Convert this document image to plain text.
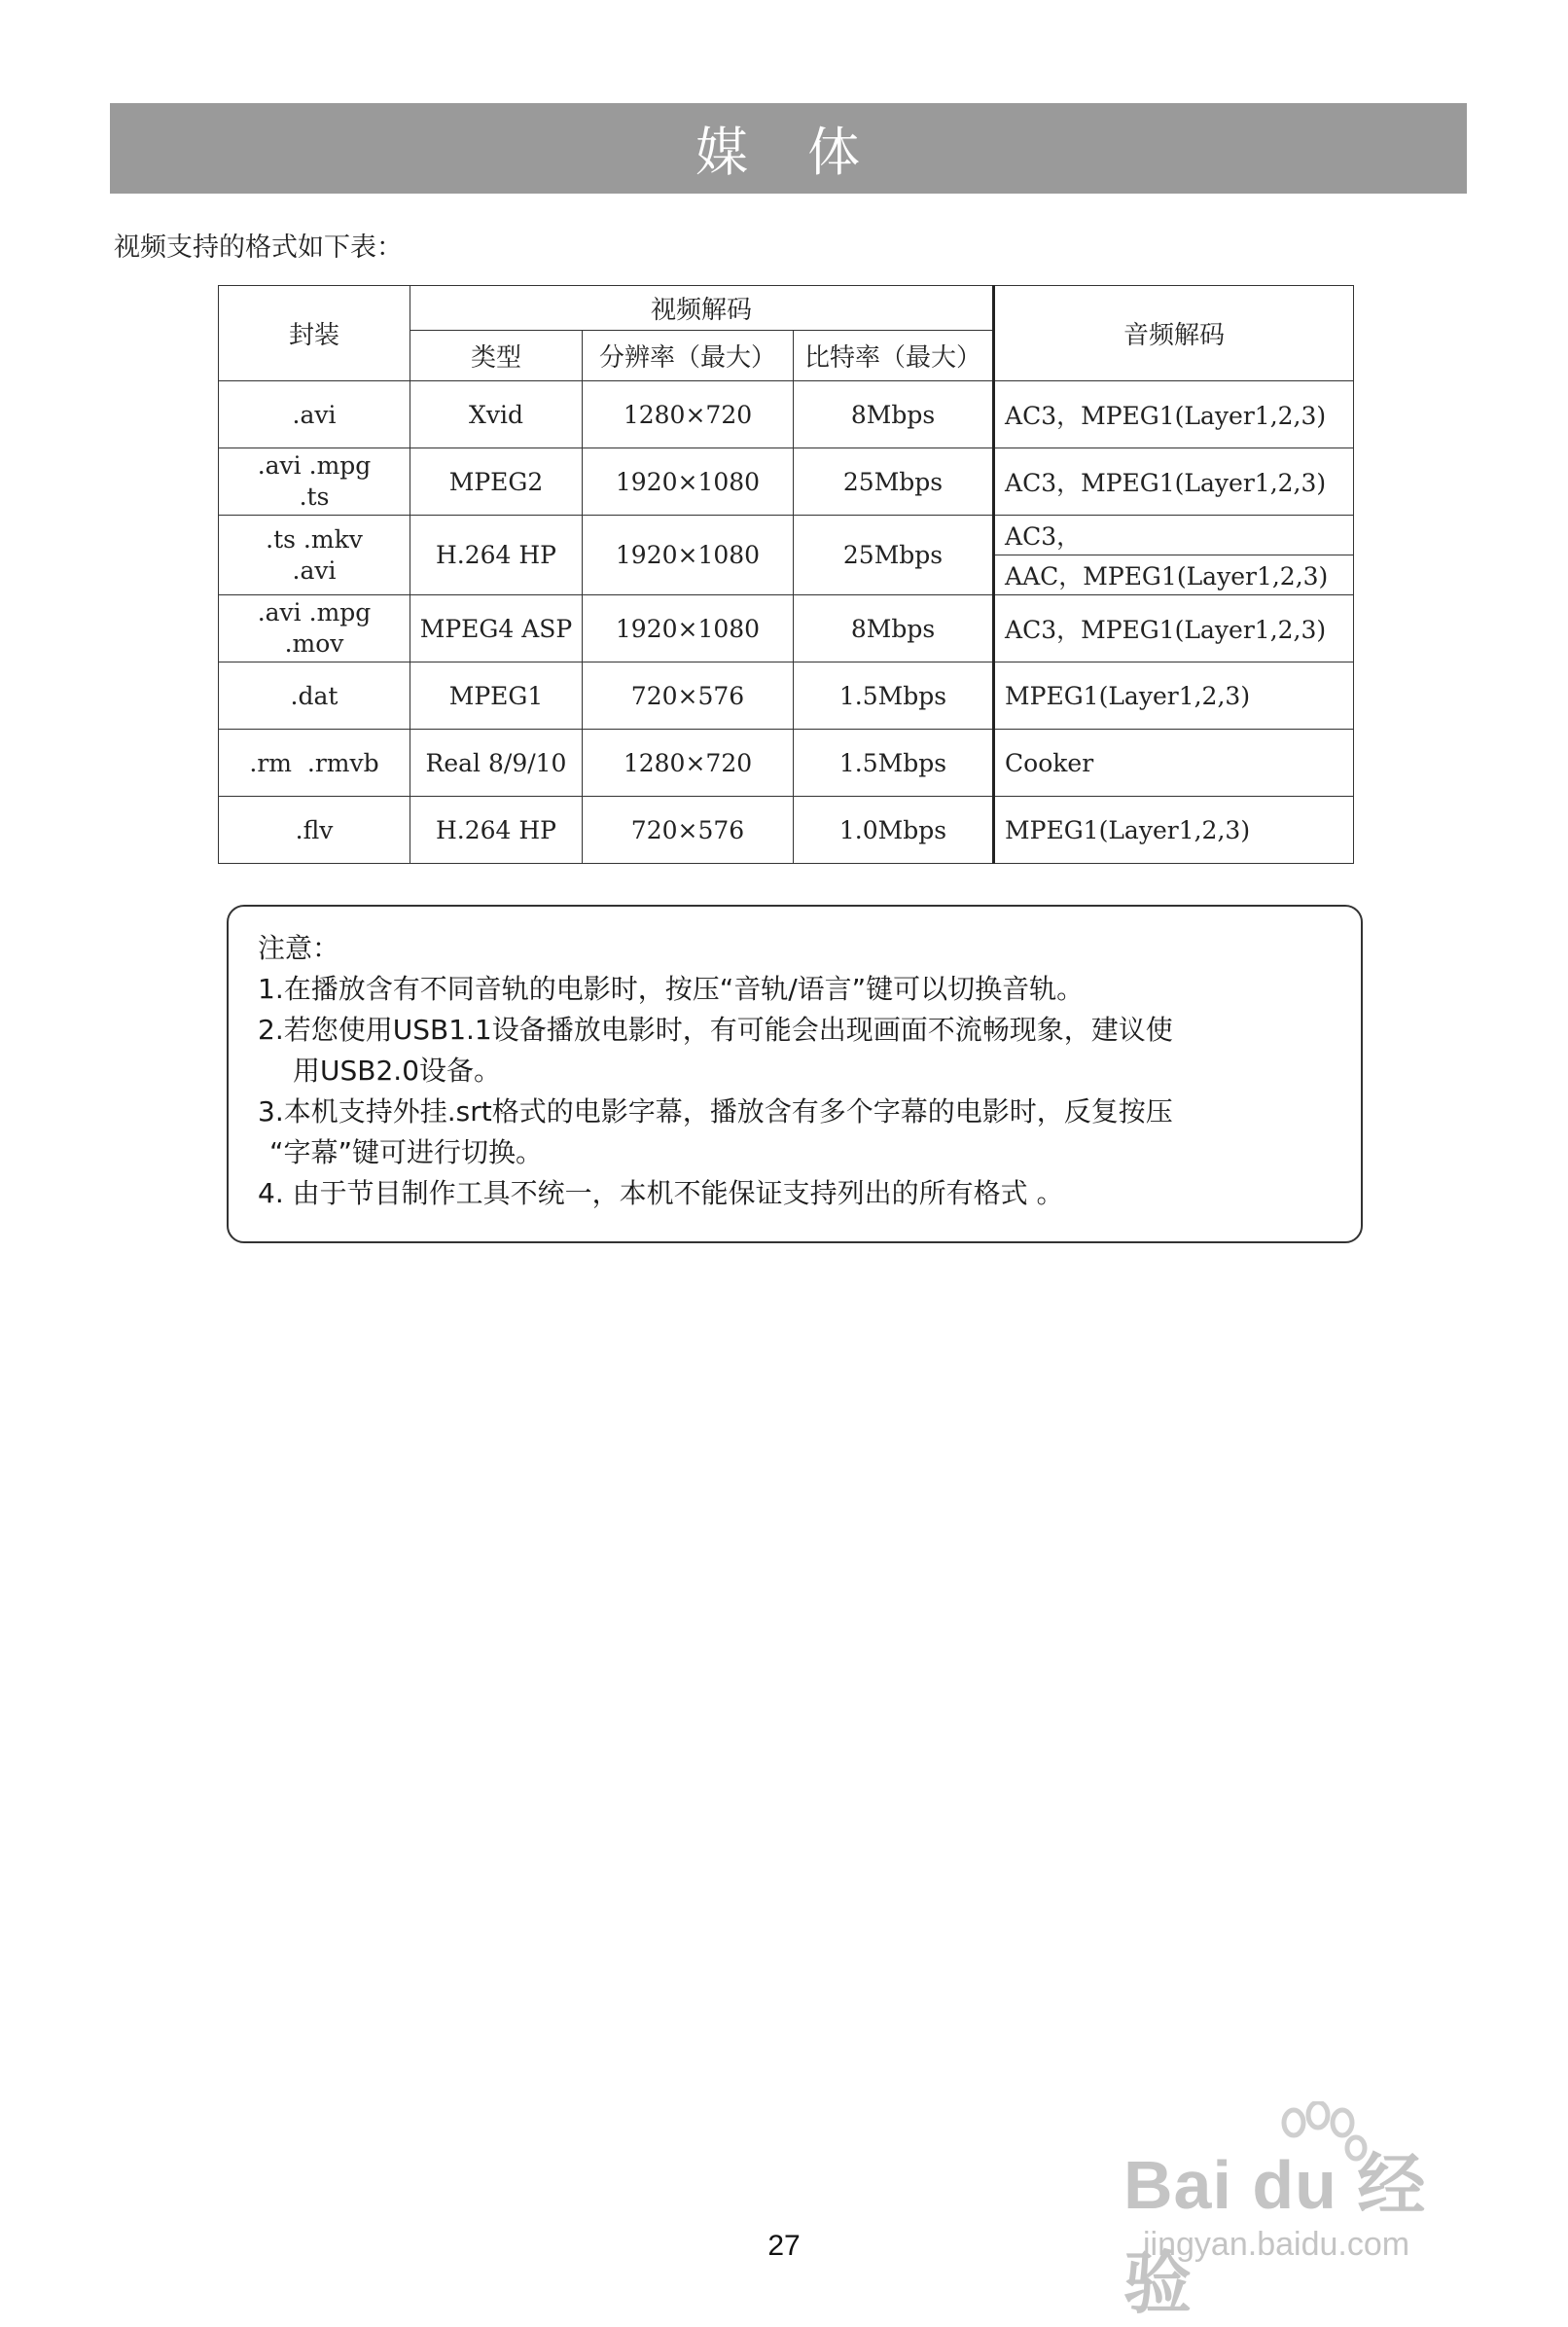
媒 体
视频支持的格式如下表：
封装	视频解码			音频解码
	类型	分辨率（最大）	比特率（最大）	
.avi	Xvid	1280×720	8Mbps	AC3，MPEG1(Layer1,2,3)
.avi .mpg .ts	MPEG2	1920×1080	25Mbps	AC3，MPEG1(Layer1,2,3)
.ts .mkv .avi	H.264 HP	1920×1080	25Mbps	AC3，
				AAC，MPEG1(Layer1,2,3)
.avi .mpg .mov	MPEG4 ASP	1920×1080	8Mbps	AC3，MPEG1(Layer1,2,3)
.dat	MPEG1	720×576	1.5Mbps	MPEG1(Layer1,2,3)
.rm  .rmvb	Real 8/9/10	1280×720	1.5Mbps	Cooker
.flv	H.264 HP	720×576	1.0Mbps	MPEG1(Layer1,2,3)
注意：
1.在播放含有不同音轨的电影时，按压“音轨/语言”键可以切换音轨。
2.若您使用USB1.1设备播放电影时，有可能会出现画面不流畅现象，建议使
用USB2.0设备。
3.本机支持外挂.srt格式的电影字幕，播放含有多个字幕的电影时，反复按压
“字幕”键可进行切换。
4. 由于节目制作工具不统一，本机不能保证支持列出的所有格式 。
Bai du 经验
jingyan.baidu.com
27
